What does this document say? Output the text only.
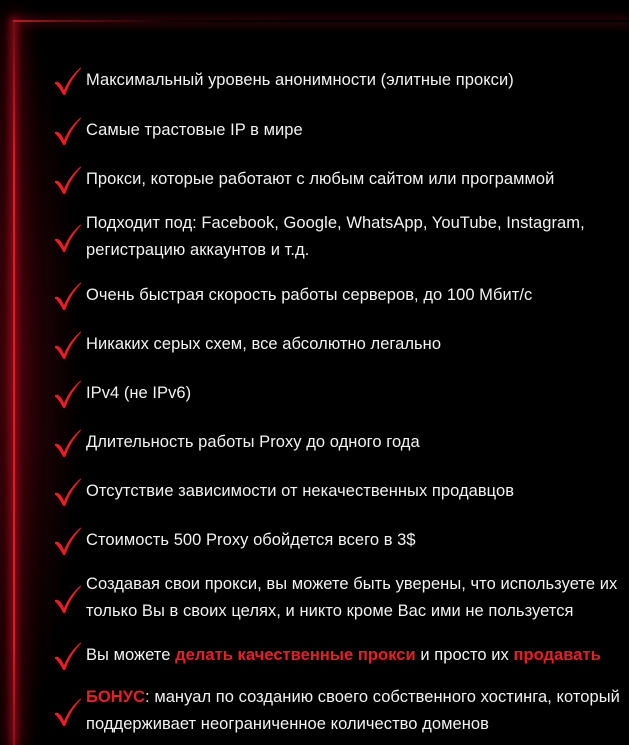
Максимальный уровень анонимности (элитные прокси)
Самые трастовые IP в мире
Прокси, которые работают с любым сайтом или программой
Подходит под: Facebook, Google, WhatsApp, YouTube, Instagram, регистрацию аккаунтов и т.д.
Очень быстрая скорость работы серверов, до 100 Мбит/с
Никаких серых схем, все абсолютно легально
IPv4 (не IPv6)
Длительность работы Proxy до одного года
Отсутствие зависимости от некачественных продавцов
Стоимость 500 Proxy обойдется всего в 3$
Создавая свои прокси, вы можете быть уверены, что используете их только Вы в своих целях, и никто кроме Вас ими не пользуется
Вы можете делать качественные прокси и просто их продавать
БОНУС: мануал по созданию своего собственного хостинга, который поддерживает неограниченное количество доменов
